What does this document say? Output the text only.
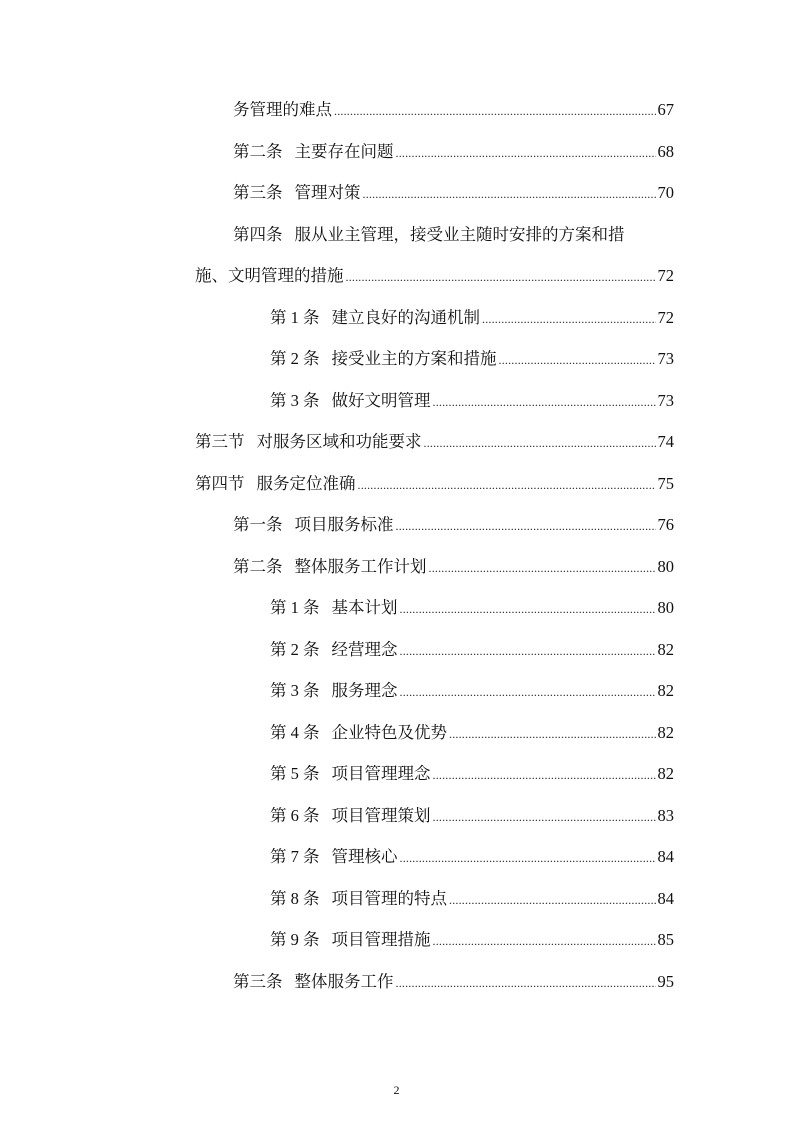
务管理的难点 .....	67
第二条 主要存在问题 .....	68
第三条 管理对策 .....	70
第四条 服从业主管理，接受业主随时安排的方案和措
施、文明管理的措施 .....	72
第 1 条 建立良好的沟通机制 .....	72
第 2 条 接受业主的方案和措施 .....	73
第 3 条 做好文明管理 .....	73
第三节 对服务区域和功能要求 .....	74
第四节 服务定位准确 .....	75
第一条 项目服务标准 .....	76
第二条 整体服务工作计划 .....	80
第 1 条 基本计划 .....	80
第 2 条 经营理念 .....	82
第 3 条 服务理念 .....	82
第 4 条 企业特色及优势 .....	82
第 5 条 项目管理理念 .....	82
第 6 条 项目管理策划 .....	83
第 7 条 管理核心 .....	84
第 8 条 项目管理的特点 .....	84
第 9 条 项目管理措施 .....	85
第三条 整体服务工作 .....	95
2
